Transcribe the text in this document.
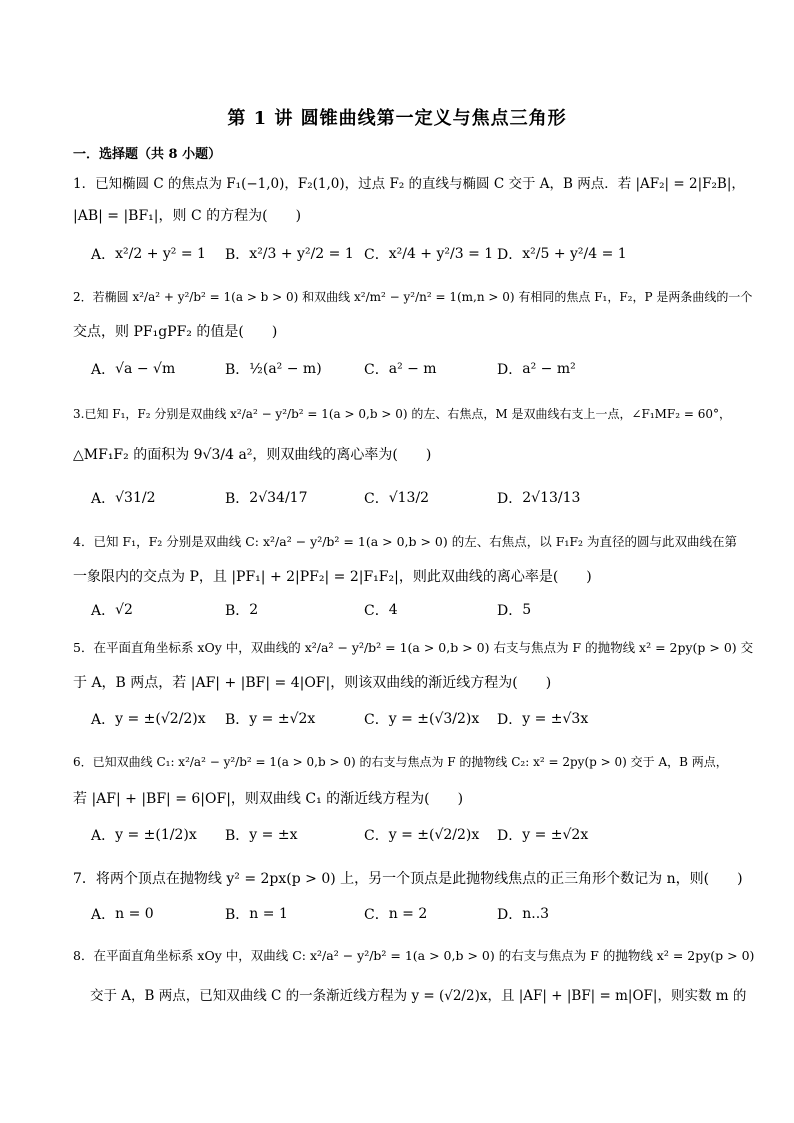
第 1 讲 圆锥曲线第一定义与焦点三角形
一．选择题（共 8 小题）
1．已知椭圆 C 的焦点为 F₁(−1,0)，F₂(1,0)，过点 F₂ 的直线与椭圆 C 交于 A，B 两点．若 |AF₂| = 2|F₂B|，
|AB| = |BF₁|，则 C 的方程为(　　)
A． x²/2 + y² = 1 B． x²/3 + y²/2 = 1 C． x²/4 + y²/3 = 1 D． x²/5 + y²/4 = 1
2．若椭圆 x²/a² + y²/b² = 1(a > b > 0) 和双曲线 x²/m² − y²/n² = 1(m,n > 0) 有相同的焦点 F₁，F₂，P 是两条曲线的一个
交点，则 PF₁gPF₂ 的值是(　　)
A． √a − √m	B． ½(a² − m)	C． a² − m	D． a² − m²
3.已知 F₁，F₂ 分别是双曲线 x²/a² − y²/b² = 1(a > 0,b > 0) 的左、右焦点，M 是双曲线右支上一点，∠F₁MF₂ = 60°，
△MF₁F₂ 的面积为 9√3/4 a²，则双曲线的离心率为(　　)
A． √31/2	B． 2√34/17	C． √13/2	D． 2√13/13
4．已知 F₁，F₂ 分别是双曲线 C: x²/a² − y²/b² = 1(a > 0,b > 0) 的左、右焦点，以 F₁F₂ 为直径的圆与此双曲线在第
一象限内的交点为 P，且 |PF₁| + 2|PF₂| = 2|F₁F₂|，则此双曲线的离心率是(　　)
A． √2	B． 2	C． 4	D． 5
5．在平面直角坐标系 xOy 中，双曲线的 x²/a² − y²/b² = 1(a > 0,b > 0) 右支与焦点为 F 的抛物线 x² = 2py(p > 0) 交
于 A，B 两点，若 |AF| + |BF| = 4|OF|，则该双曲线的渐近线方程为(　　)
A． y = ±(√2/2)x B． y = ±√2x	C． y = ±(√3/2)x D． y = ±√3x
6．已知双曲线 C₁: x²/a² − y²/b² = 1(a > 0,b > 0) 的右支与焦点为 F 的抛物线 C₂: x² = 2py(p > 0) 交于 A，B 两点，
若 |AF| + |BF| = 6|OF|，则双曲线 C₁ 的渐近线方程为(　　)
A． y = ±(1/2)x B． y = ±x	C． y = ±(√2/2)x D． y = ±√2x
7．将两个顶点在抛物线 y² = 2px(p > 0) 上，另一个顶点是此抛物线焦点的正三角形个数记为 n，则(　　)
A． n = 0	B． n = 1	C． n = 2	D． n..3
8．在平面直角坐标系 xOy 中，双曲线 C: x²/a² − y²/b² = 1(a > 0,b > 0) 的右支与焦点为 F 的抛物线 x² = 2py(p > 0)
交于 A，B 两点，已知双曲线 C 的一条渐近线方程为 y = (√2/2)x，且 |AF| + |BF| = m|OF|，则实数 m 的
